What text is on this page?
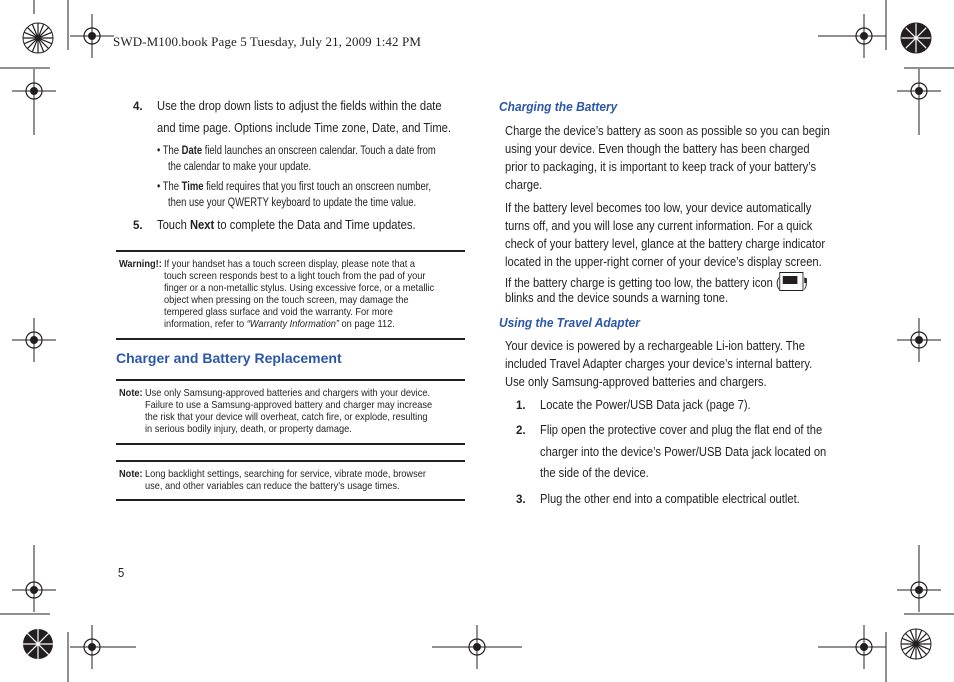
SWD-M100.book Page 5 Tuesday, July 21, 2009 1:42 PM
4. Use the drop down lists to adjust the fields within the date
and time page. Options include Time zone, Date, and Time.
• The Date field launches an onscreen calendar. Touch a date from
the calendar to make your update.
• The Time field requires that you first touch an onscreen number,
then use your QWERTY keyboard to update the time value.
5. Touch Next to complete the Data and Time updates.
Warning!: If your handset has a touch screen display, please note that a
touch screen responds best to a light touch from the pad of your
finger or a non-metallic stylus. Using excessive force, or a metallic
object when pressing on the touch screen, may damage the
tempered glass surface and void the warranty. For more
information, refer to “Warranty Information” on page 112.
Charger and Battery Replacement
Note: Use only Samsung-approved batteries and chargers with your device.
Failure to use a Samsung-approved battery and charger may increase
the risk that your device will overheat, catch fire, or explode, resulting
in serious bodily injury, death, or property damage.
Note: Long backlight settings, searching for service, vibrate mode, browser
use, and other variables can reduce the battery’s usage times.
5
Charging the Battery
Charge the device’s battery as soon as possible so you can begin
using your device. Even though the battery has been charged
prior to packaging, it is important to keep track of your battery’s
charge.
If the battery level becomes too low, your device automatically
turns off, and you will lose any current information. For a quick
check of your battery level, glance at the battery charge indicator
located in the upper-right corner of your device’s display screen.
If the battery charge is getting too low, the battery icon (
blinks and the device sounds a warning tone.
Using the Travel Adapter
Your device is powered by a rechargeable Li-ion battery. The
included Travel Adapter charges your device’s internal battery.
Use only Samsung-approved batteries and chargers.
1. Locate the Power/USB Data jack (page 7).
2. Flip open the protective cover and plug the flat end of the
charger into the device’s Power/USB Data jack located on
the side of the device.
3. Plug the other end into a compatible electrical outlet.
